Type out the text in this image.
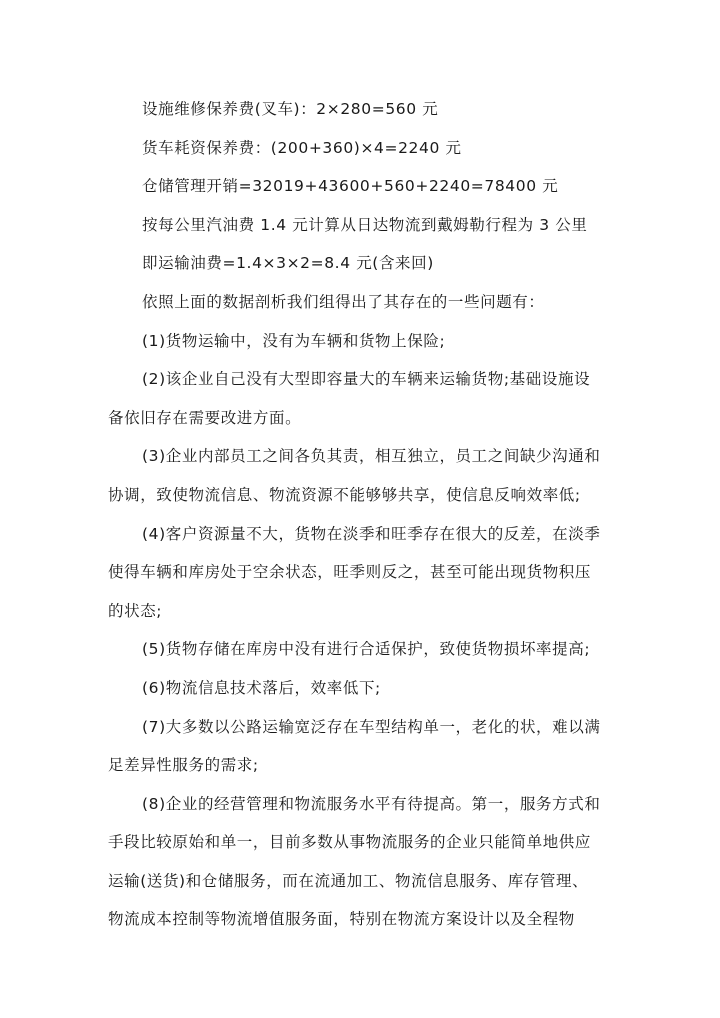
设施维修保养费(叉车)：2×280=560 元
货车耗资保养费：(200+360)×4=2240 元
仓储管理开销=32019+43600+560+2240=78400 元
按每公里汽油费 1.4 元计算从日达物流到戴姆勒行程为 3 公里
即运输油费=1.4×3×2=8.4 元(含来回)
依照上面的数据剖析我们组得出了其存在的一些问题有：
(1)货物运输中，没有为车辆和货物上保险;
(2)该企业自己没有大型即容量大的车辆来运输货物;基础设施设
备依旧存在需要改进方面。
(3)企业内部员工之间各负其责，相互独立，员工之间缺少沟通和
协调，致使物流信息、物流资源不能够够共享，使信息反响效率低;
(4)客户资源量不大，货物在淡季和旺季存在很大的反差，在淡季
使得车辆和库房处于空余状态，旺季则反之，甚至可能出现货物积压
的状态;
(5)货物存储在库房中没有进行合适保护，致使货物损坏率提高;
(6)物流信息技术落后，效率低下;
(7)大多数以公路运输宽泛存在车型结构单一，老化的状，难以满
足差异性服务的需求;
(8)企业的经营管理和物流服务水平有待提高。第一，服务方式和
手段比较原始和单一，目前多数从事物流服务的企业只能简单地供应
运输(送货)和仓储服务，而在流通加工、物流信息服务、库存管理、
物流成本控制等物流增值服务面，特别在物流方案设计以及全程物
